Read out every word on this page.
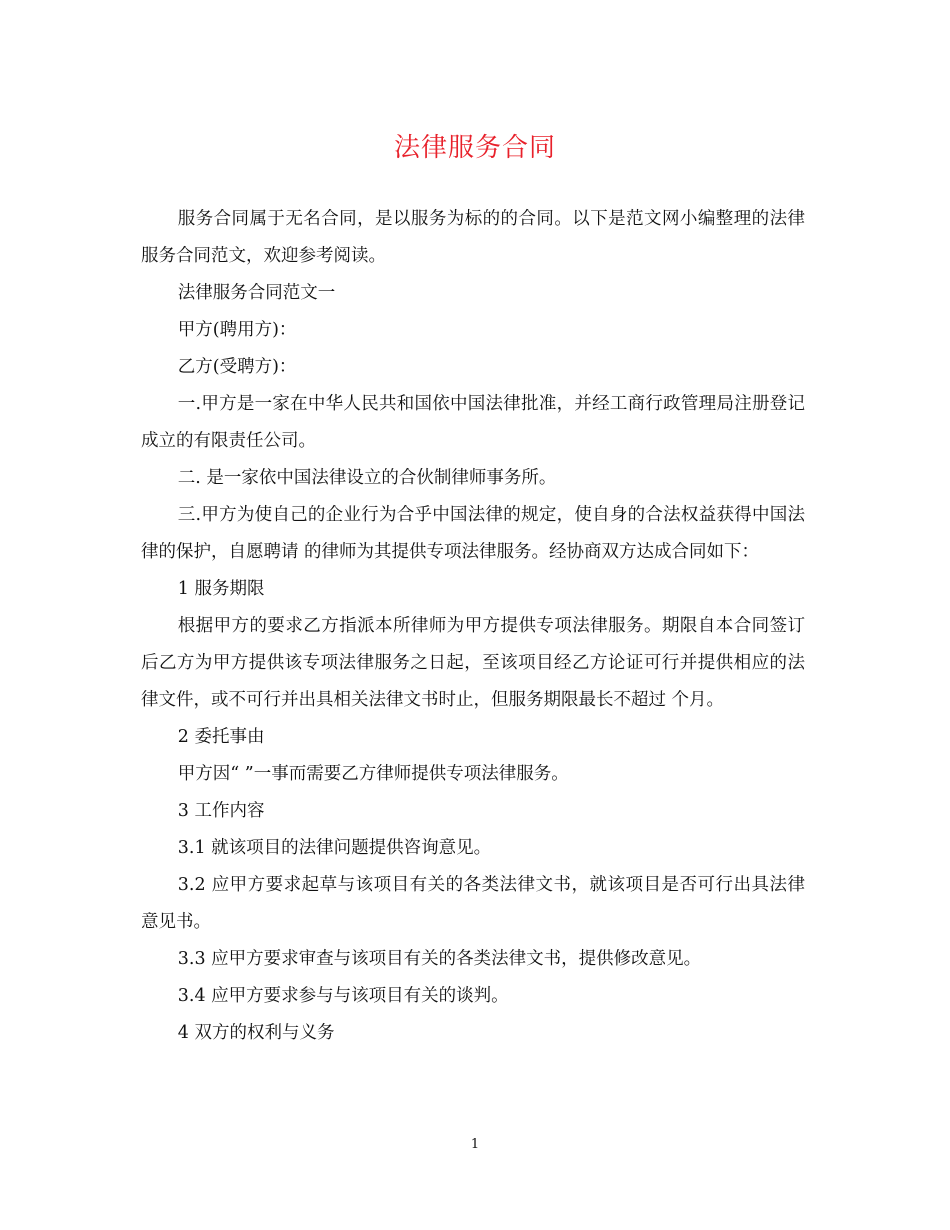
法律服务合同

服务合同属于无名合同，是以服务为标的的合同。以下是范文网小编整理的法律服务合同范文，欢迎参考阅读。

法律服务合同范文一

甲方(聘用方)：

乙方(受聘方)：

一.甲方是一家在中华人民共和国依中国法律批准，并经工商行政管理局注册登记成立的有限责任公司。

二. 是一家依中国法律设立的合伙制律师事务所。

三.甲方为使自己的企业行为合乎中国法律的规定，使自身的合法权益获得中国法律的保护，自愿聘请 的律师为其提供专项法律服务。经协商双方达成合同如下：

1 服务期限

根据甲方的要求乙方指派本所律师为甲方提供专项法律服务。期限自本合同签订后乙方为甲方提供该专项法律服务之日起，至该项目经乙方论证可行并提供相应的法律文件，或不可行并出具相关法律文书时止，但服务期限最长不超过 个月。

2 委托事由

甲方因“ ”一事而需要乙方律师提供专项法律服务。

3 工作内容

3.1 就该项目的法律问题提供咨询意见。

3.2 应甲方要求起草与该项目有关的各类法律文书，就该项目是否可行出具法律意见书。

3.3 应甲方要求审查与该项目有关的各类法律文书，提供修改意见。

3.4 应甲方要求参与与该项目有关的谈判。

4 双方的权利与义务

1
